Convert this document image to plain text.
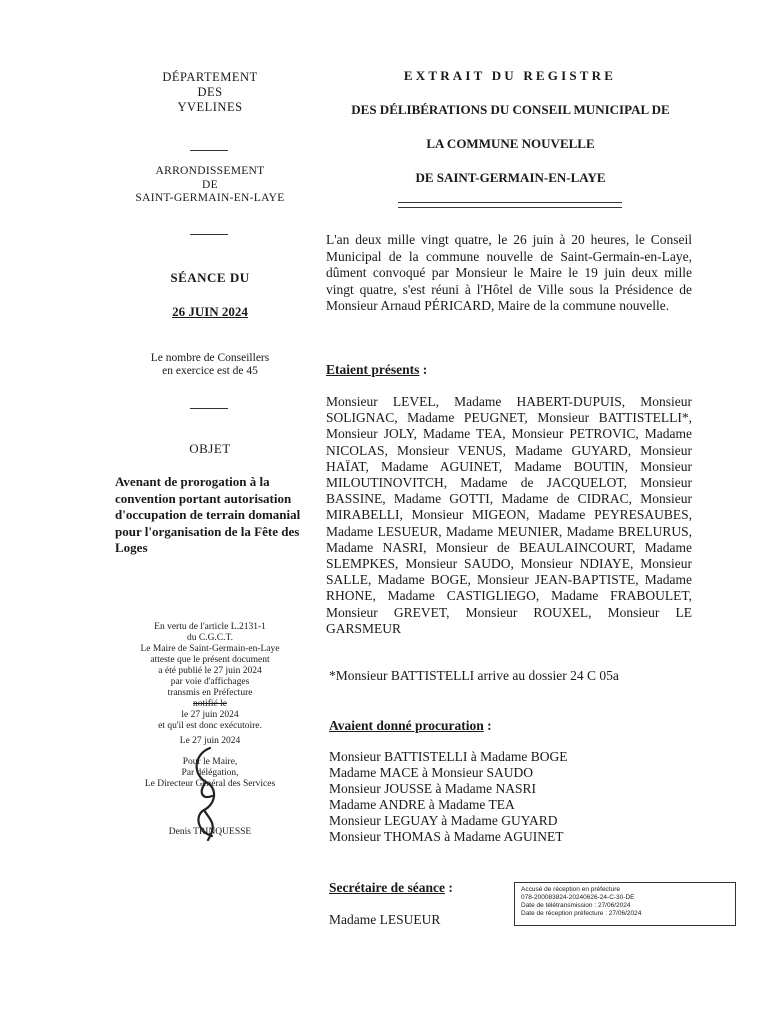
DÉPARTEMENT
DES
YVELINES
ARRONDISSEMENT
DE
SAINT-GERMAIN-EN-LAYE
SÉANCE DU
26 JUIN 2024
Le nombre de Conseillers
en exercice est de 45
OBJET
Avenant de prorogation à la convention portant autorisation d'occupation de terrain domanial pour l'organisation de la Fête des Loges
En vertu de l'article L.2131-1
du C.G.C.T.
Le Maire de Saint-Germain-en-Laye
atteste que le présent document
a été publié le 27 juin 2024
par voie d'affichages
transmis en Préfecture
notifié le
le 27 juin 2024
et qu'il est donc exécutoire.
Le 27 juin 2024
Pour le Maire,
Par délégation,
Le Directeur Général des Services
Denis TRINQUESSE
EXTRAIT DU REGISTRE
DES DÉLIBÉRATIONS DU CONSEIL MUNICIPAL DE
LA COMMUNE NOUVELLE
DE SAINT-GERMAIN-EN-LAYE
L'an deux mille vingt quatre, le 26 juin à 20 heures, le Conseil Municipal de la commune nouvelle de Saint-Germain-en-Laye, dûment convoqué par Monsieur le Maire le 19 juin deux mille vingt quatre, s'est réuni à l'Hôtel de Ville sous la Présidence de Monsieur Arnaud PÉRICARD, Maire de la commune nouvelle.
Etaient présents :
Monsieur LEVEL, Madame HABERT-DUPUIS, Monsieur SOLIGNAC, Madame PEUGNET, Monsieur BATTISTELLI*, Monsieur JOLY, Madame TEA, Monsieur PETROVIC, Madame NICOLAS, Monsieur VENUS, Madame GUYARD, Monsieur HAÏAT, Madame AGUINET, Madame BOUTIN, Monsieur MILOUTINOVITCH, Madame de JACQUELOT, Monsieur BASSINE, Madame GOTTI, Madame de CIDRAC, Monsieur MIRABELLI, Monsieur MIGEON, Madame PEYRESAUBES, Madame LESUEUR, Madame MEUNIER, Madame BRELURUS, Madame NASRI, Monsieur de BEAULAINCOURT, Madame SLEMPKES, Monsieur SAUDO, Monsieur NDIAYE, Monsieur SALLE, Madame BOGE, Monsieur JEAN-BAPTISTE, Madame RHONE, Madame CASTIGLIEGO, Madame FRABOULET, Monsieur GREVET, Monsieur ROUXEL, Monsieur LE GARSMEUR
*Monsieur BATTISTELLI arrive au dossier 24 C 05a
Avaient donné procuration :
Monsieur BATTISTELLI à Madame BOGE
Madame MACE à Monsieur SAUDO
Monsieur JOUSSE à Madame NASRI
Madame ANDRE à Madame TEA
Monsieur LEGUAY à Madame GUYARD
Monsieur THOMAS à Madame AGUINET
Secrétaire de séance :
Madame LESUEUR
Accusé de réception en préfecture
078-200083824-20240626-24-C-30-DE
Date de télétransmission : 27/06/2024
Date de réception préfecture : 27/06/2024
